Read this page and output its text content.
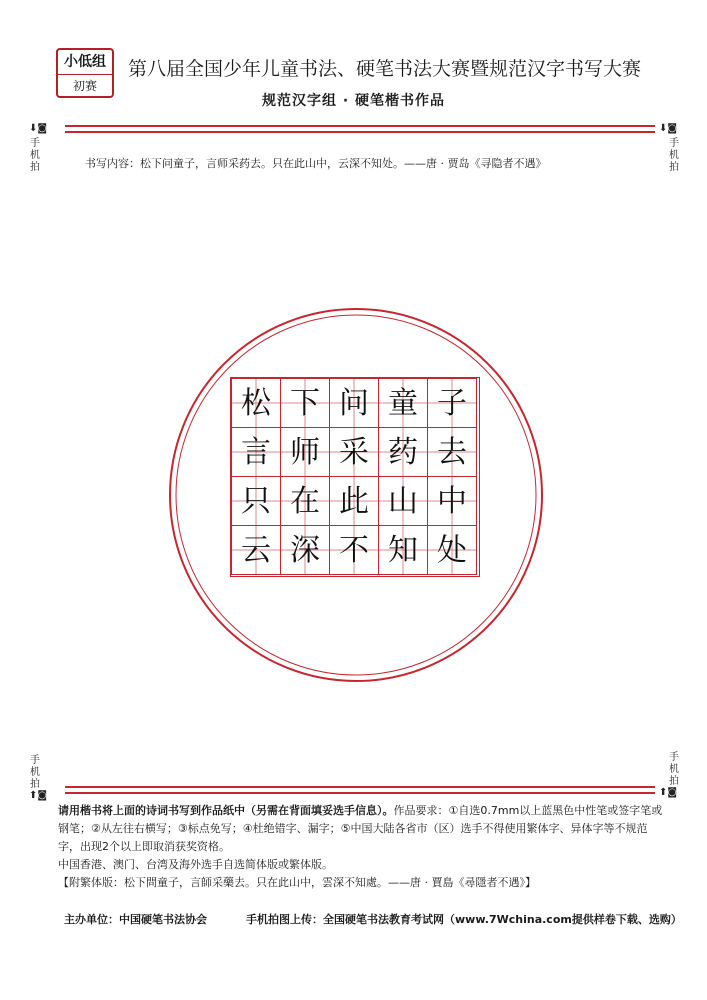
小低组
初赛
第八届全国少年儿童书法、硬笔书法大赛暨规范汉字书写大赛
规范汉字组 · 硬笔楷书作品
⬇◙	⬇◙
手
机
拍
手
机
拍
书写内容：松下问童子，言师采药去。只在此山中，云深不知处。——唐 · 贾岛《寻隐者不遇》
松 下 问 童 子
言 师 采 药 去
只 在 此 山 中
云 深 不 知 处
手
机
拍
手
机
拍
⬆◙	⬆◙

请用楷书将上面的诗词书写到作品纸中（另需在背面填妥选手信息）。作品要求：①自选0.7mm以上蓝黑色中性笔或签字笔或钢笔；②从左往右横写；③标点免写；④杜绝错字、漏字；⑤中国大陆各省市（区）选手不得使用繁体字、异体字等不规范字，出现2个以上即取消获奖资格。

中国香港、澳门、台湾及海外选手自选简体版或繁体版。

【附繁体版：松下問童子，言師采藥去。只在此山中，雲深不知處。——唐 · 賈島《尋隱者不遇》】

主办单位：中国硬笔书法协会	手机拍图上传：全国硬笔书法教育考试网（www.7Wchina.com提供样卷下载、选购）
